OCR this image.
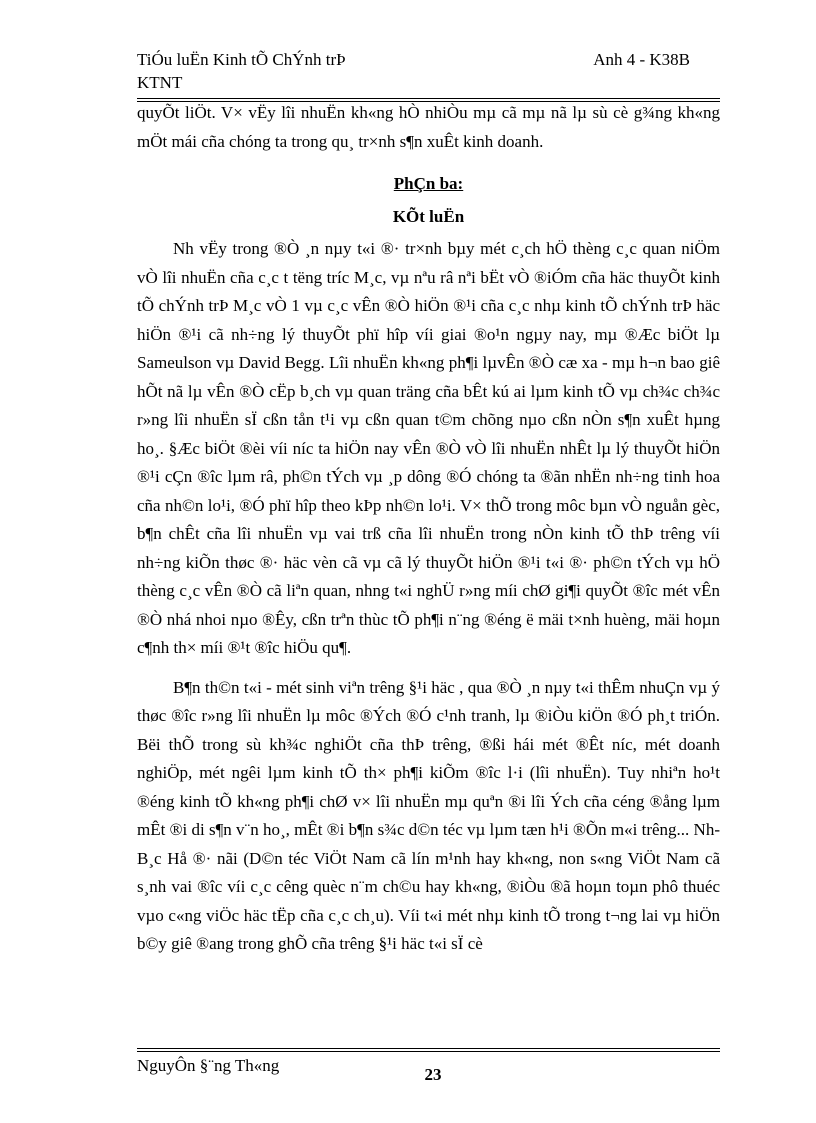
TiÓu luËn Kinh tÕ ChÝnh trÞ
KTNT
Anh 4 - K38B

quyÕt liÖt. V× vËy lîi nhuËn kh«ng hÒ nhiÒu mµ cã mµ nã lµ sù cè g¾ng kh«ng mÖt mái cña chóng ta trong qu¸ tr×nh s¶n xuÊt kinh doanh.

PhÇn ba:

KÕt luËn

Nh vËy trong ®Ò ¸n nµy t«i ®· tr×nh bµy mét c¸ch hÖ thèng c¸c quan niÖm vÒ lîi nhuËn cña c¸c t tëng tríc M¸c, vµ nªu râ nªi bËt vÒ ®iÓm cña häc thuyÕt kinh tÕ chÝnh trÞ M¸c vÒ 1 vµ c¸c vÊn ®Ò hiÖn ®¹i cña c¸c nhµ kinh tÕ chÝnh trÞ häc hiÖn ®¹i cã nh÷ng lý thuyÕt phï hîp víi giai ®o¹n ngµy nay, mµ ®Æc biÖt lµ Sameulson vµ David Begg. Lîi nhuËn kh«ng ph¶i lµvÊn ®Ò cæ xa - mµ h¬n bao giê hÕt nã lµ vÊn ®Ò cËp b¸ch vµ quan träng cña bÊt kú ai lµm kinh tÕ vµ ch¾c ch¾c r»ng lîi nhuËn sÏ cßn tån t¹i vµ cßn quan t©m chõng nµo cßn nÒn s¶n xuÊt hµng ho¸. §Æc biÖt ®èi víi níc ta hiÖn nay vÊn ®Ò vÒ lîi nhuËn nhÊt lµ lý thuyÕt hiÖn ®¹i cÇn ®îc lµm râ, ph©n tÝch vµ ¸p dông ®Ó chóng ta ®ãn nhËn nh÷ng tinh hoa cña nh©n lo¹i, ®Ó phï hîp theo kÞp nh©n lo¹i. V× thÕ trong môc bµn vÒ nguån gèc, b¶n chÊt cña lîi nhuËn vµ vai trß cña lîi nhuËn trong nÒn kinh tÕ thÞ trêng víi nh÷ng kiÕn thøc ®· häc vèn cã vµ cã lý thuyÕt hiÖn ®¹i t«i ®· ph©n tÝch vµ hÖ thèng c¸c vÊn ®Ò cã liªn quan, nhng t«i nghÜ r»ng míi chØ gi¶i quyÕt ®îc mét vÊn ®Ò nhá nhoi nµo ®Êy, cßn trªn thùc tÕ ph¶i n¨ng ®éng ë mäi t×nh huèng, mäi hoµn c¶nh th× míi ®¹t ®îc hiÖu qu¶.

B¶n th©n t«i - mét sinh viªn trêng §¹i häc , qua ®Ò ¸n nµy t«i thÊm nhuÇn vµ ý thøc ®îc r»ng lîi nhuËn lµ môc ®Ých ®Ó c¹nh tranh, lµ ®iÒu kiÖn ®Ó ph¸t triÓn. Bëi thÕ trong sù kh¾c nghiÖt cña thÞ trêng, ®ßi hái mét ®Êt níc, mét doanh nghiÖp, mét ngêi lµm kinh tÕ th× ph¶i kiÕm ®îc l·i (lîi nhuËn). Tuy nhiªn ho¹t ®éng kinh tÕ kh«ng ph¶i chØ v× lîi nhuËn mµ quªn ®i lîi Ých cña céng ®ång lµm mÊt ®i di s¶n v¨n ho¸, mÊt ®i b¶n s¾c d©n téc vµ lµm tæn h¹i ®Õn m«i trêng... Nh B¸c Hå ®· nãi (D©n téc ViÖt Nam cã lín m¹nh hay kh«ng, non s«ng ViÖt Nam cã s¸nh vai ®îc víi c¸c cêng quèc n¨m ch©u hay kh«ng, ®iÒu ®ã hoµn toµn phô thuéc vµo c«ng viÖc häc tËp cña c¸c ch¸u). Víi t«i mét nhµ kinh tÕ trong t¬ng lai vµ hiÖn b©y giê ®ang trong ghÕ cña trêng §¹i häc t«i sÏ cè

NguyÔn §¨ng Th«ng	23
